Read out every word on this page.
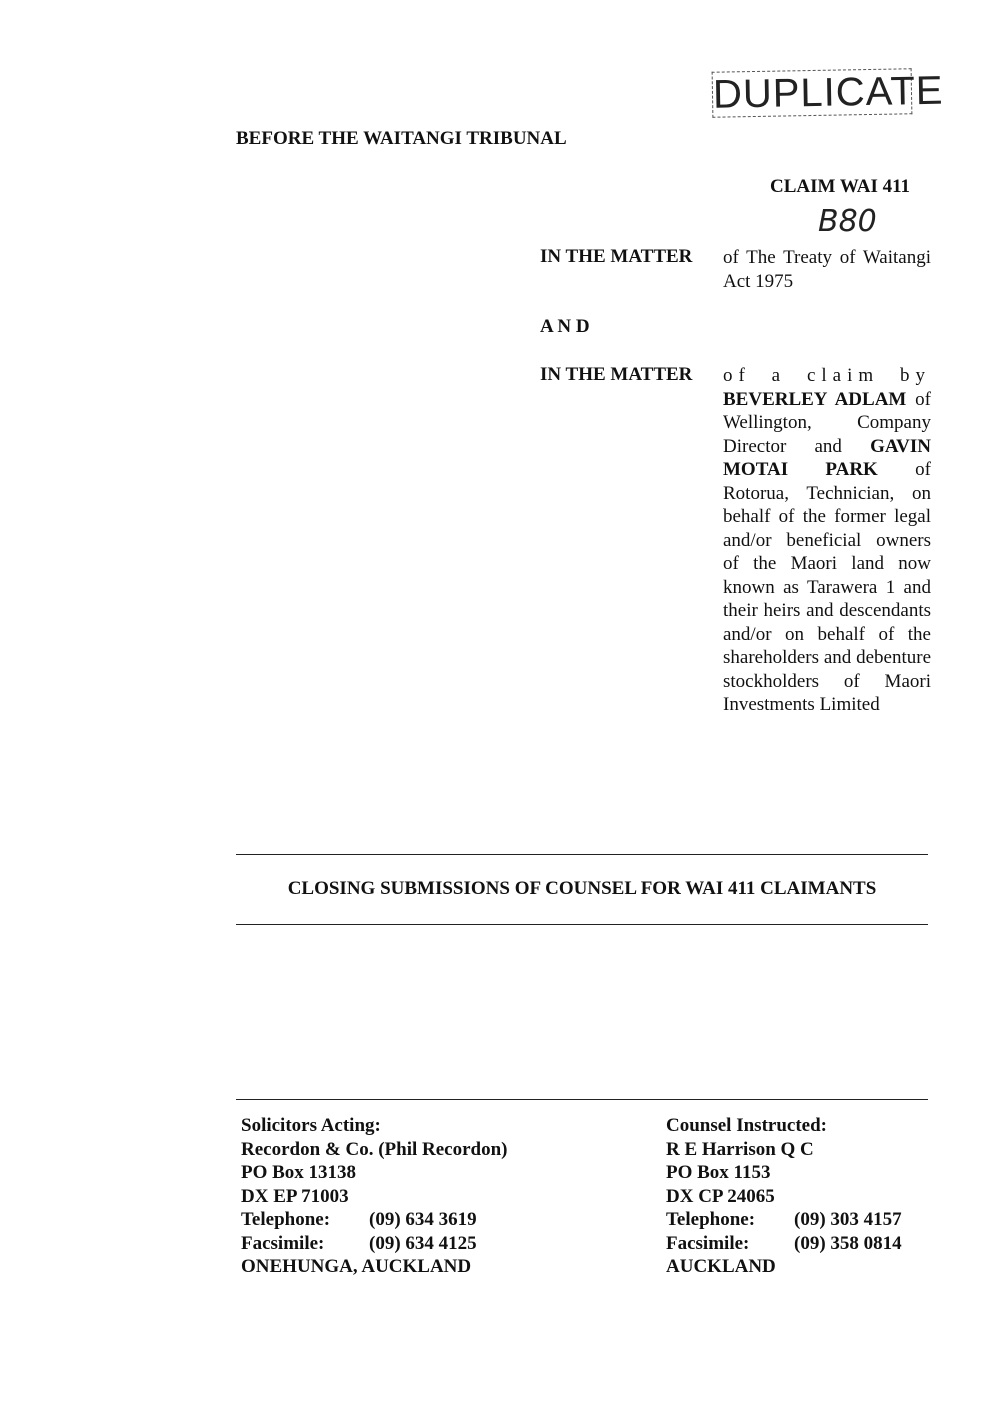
DUPLICATE
BEFORE THE WAITANGI TRIBUNAL
CLAIM WAI 411
B80
IN THE MATTER of The Treaty of Waitangi Act 1975
A N D
IN THE MATTER of a claim by BEVERLEY ADLAM of Wellington, Company Director and GAVIN MOTAI PARK of Rotorua, Technician, on behalf of the former legal and/or beneficial owners of the Maori land now known as Tarawera 1 and their heirs and descendants and/or on behalf of the shareholders and debenture stockholders of Maori Investments Limited
CLOSING SUBMISSIONS OF COUNSEL FOR WAI 411 CLAIMANTS
Solicitors Acting:
Recordon & Co. (Phil Recordon)
PO Box 13138
DX EP 71003
Telephone:	(09) 634 3619
Facsimile:	(09) 634 4125
ONEHUNGA, AUCKLAND
Counsel Instructed:
R E Harrison Q C
PO Box 1153
DX CP 24065
Telephone:	(09) 303 4157
Facsimile:	(09) 358 0814
AUCKLAND
